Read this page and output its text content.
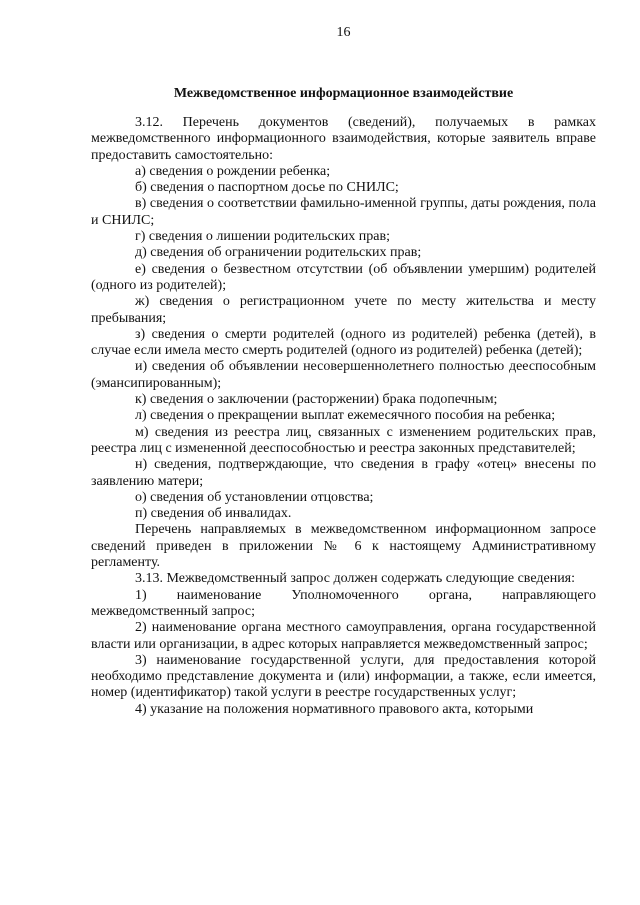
16
Межведомственное информационное взаимодействие

3.12. Перечень документов (сведений), получаемых в рамках межведомственного информационного взаимодействия, которые заявитель вправе предоставить самостоятельно:

а) сведения о рождении ребенка;

б) сведения о паспортном досье по СНИЛС;

в) сведения о соответствии фамильно-именной группы, даты рождения, пола и СНИЛС;

г) сведения о лишении родительских прав;

д) сведения об ограничении родительских прав;

е) сведения о безвестном отсутствии (об объявлении умершим) родителей (одного из родителей);

ж) сведения о регистрационном учете по месту жительства и месту пребывания;

з) сведения о смерти родителей (одного из родителей) ребенка (детей), в случае если имела место смерть родителей (одного из родителей) ребенка (детей);

и) сведения об объявлении несовершеннолетнего полностью дееспособным (эмансипированным);

к) сведения о заключении (расторжении) брака подопечным;

л) сведения о прекращении выплат ежемесячного пособия на ребенка;

м) сведения из реестра лиц, связанных с изменением родительских прав, реестра лиц с измененной дееспособностью и реестра законных представителей;

н) сведения, подтверждающие, что сведения в графу «отец» внесены по заявлению матери;

о) сведения об установлении отцовства;

п) сведения об инвалидах.

Перечень направляемых в межведомственном информационном запросе сведений приведен в приложении № 6 к настоящему Административному регламенту.

3.13. Межведомственный запрос должен содержать следующие сведения:

1) наименование Уполномоченного органа, направляющего межведомственный запрос;

2) наименование органа местного самоуправления, органа государственной власти или организации, в адрес которых направляется межведомственный запрос;

3) наименование государственной услуги, для предоставления которой необходимо представление документа и (или) информации, а также, если имеется, номер (идентификатор) такой услуги в реестре государственных услуг;

4) указание на положения нормативного правового акта, которыми
